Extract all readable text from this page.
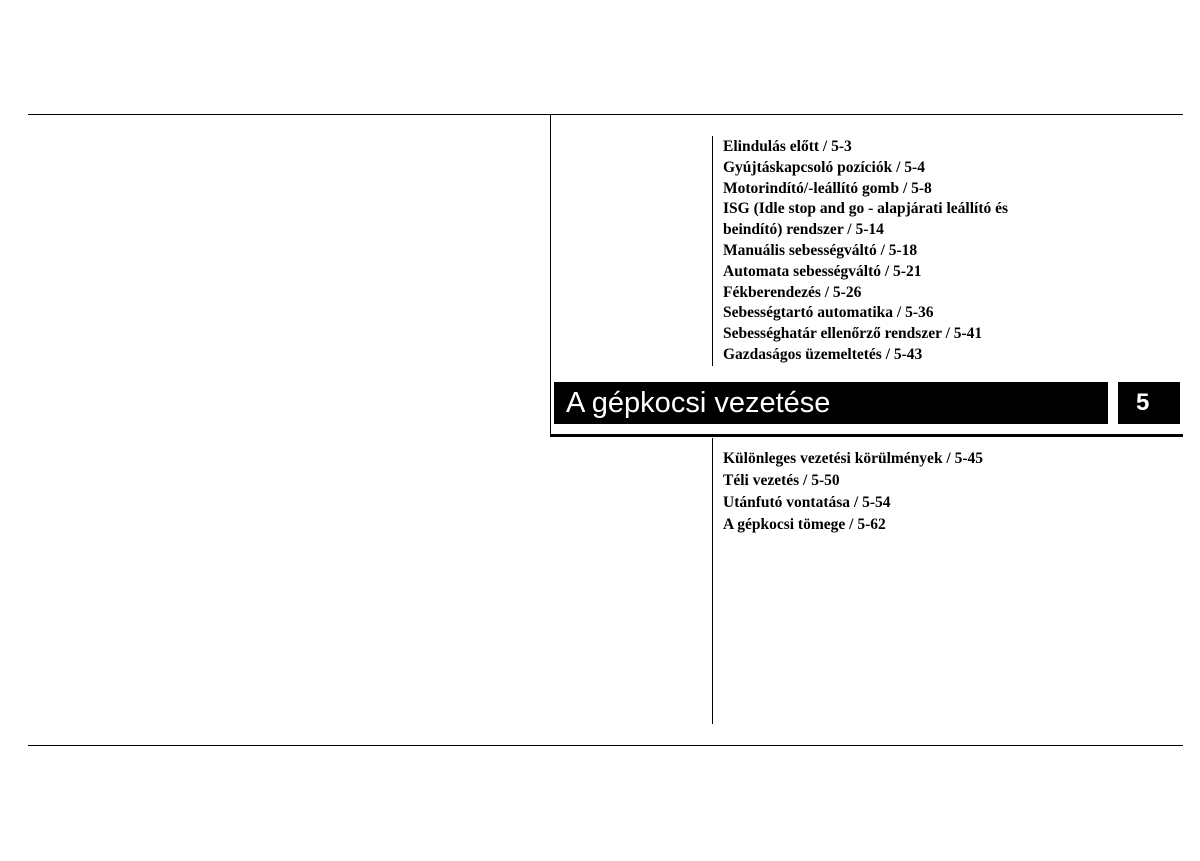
Elindulás előtt / 5-3
Gyújtáskapcsoló pozíciók / 5-4
Motorindító/-leállító gomb / 5-8
ISG (Idle stop and go - alapjárati leállító és
beindító) rendszer / 5-14
Manuális sebességváltó / 5-18
Automata sebességváltó / 5-21
Fékberendezés / 5-26
Sebességtartó automatika / 5-36
Sebességhatár ellenőrző rendszer / 5-41
Gazdaságos üzemeltetés / 5-43
A gépkocsi vezetése	5
Különleges vezetési körülmények / 5-45
Téli vezetés / 5-50
Utánfutó vontatása / 5-54
A gépkocsi tömege / 5-62
